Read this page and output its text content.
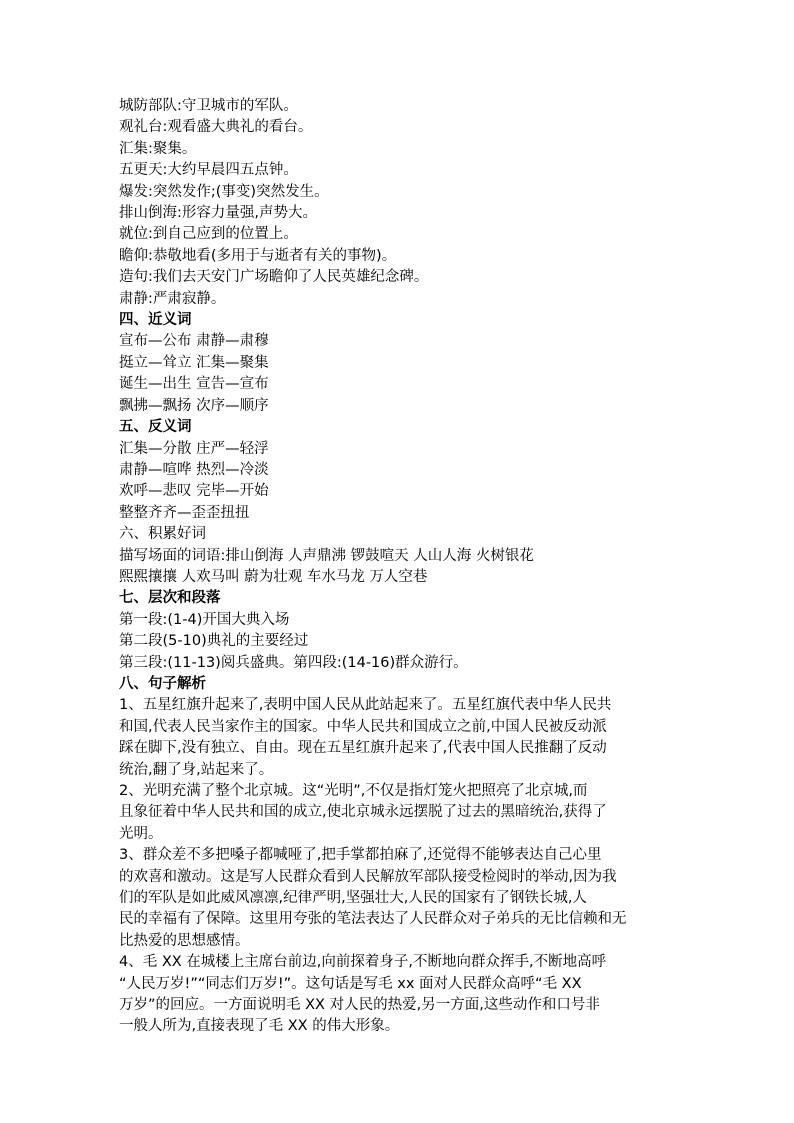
城防部队:守卫城市的军队。

观礼台:观看盛大典礼的看台。

汇集:聚集。

五更天:大约早晨四五点钟。

爆发:突然发作;(事变)突然发生。

排山倒海:形容力量强,声势大。

就位:到自己应到的位置上。

瞻仰:恭敬地看(多用于与逝者有关的事物)。

造句:我们去天安门广场瞻仰了人民英雄纪念碑。

肃静:严肃寂静。

四、近义词

宣布—公布 肃静—肃穆

挺立—耸立 汇集—聚集

诞生—出生 宣告—宣布

飘拂—飘扬 次序—顺序

五、反义词

汇集—分散 庄严—轻浮

肃静—喧哗 热烈—冷淡

欢呼—悲叹 完毕—开始

整整齐齐—歪歪扭扭

六、积累好词

描写场面的词语:排山倒海 人声鼎沸 锣鼓喧天 人山人海 火树银花

熙熙攘攘 人欢马叫 蔚为壮观 车水马龙 万人空巷

七、层次和段落

第一段:(1-4)开国大典入场

第二段(5-10)典礼的主要经过

第三段:(11-13)阅兵盛典。第四段:(14-16)群众游行。

八、句子解析

1、五星红旗升起来了,表明中国人民从此站起来了。五星红旗代表中华人民共

和国,代表人民当家作主的国家。中华人民共和国成立之前,中国人民被反动派

踩在脚下,没有独立、自由。现在五星红旗升起来了,代表中国人民推翻了反动

统治,翻了身,站起来了。

2、光明充满了整个北京城。这“光明”,不仅是指灯笼火把照亮了北京城,而

且象征着中华人民共和国的成立,使北京城永远摆脱了过去的黑暗统治,获得了

光明。

3、群众差不多把嗓子都喊哑了,把手掌都拍麻了,还觉得不能够表达自己心里

的欢喜和激动。这是写人民群众看到人民解放军部队接受检阅时的举动,因为我

们的军队是如此威风凛凛,纪律严明,坚强壮大,人民的国家有了钢铁长城,人

民的幸福有了保障。这里用夸张的笔法表达了人民群众对子弟兵的无比信赖和无

比热爱的思想感情。

4、毛 XX 在城楼上主席台前边,向前探着身子,不断地向群众挥手,不断地高呼

“人民万岁!”“同志们万岁!”。这句话是写毛 xx 面对人民群众高呼“毛 XX

万岁”的回应。一方面说明毛 XX 对人民的热爱,另一方面,这些动作和口号非

一般人所为,直接表现了毛 XX 的伟大形象。
